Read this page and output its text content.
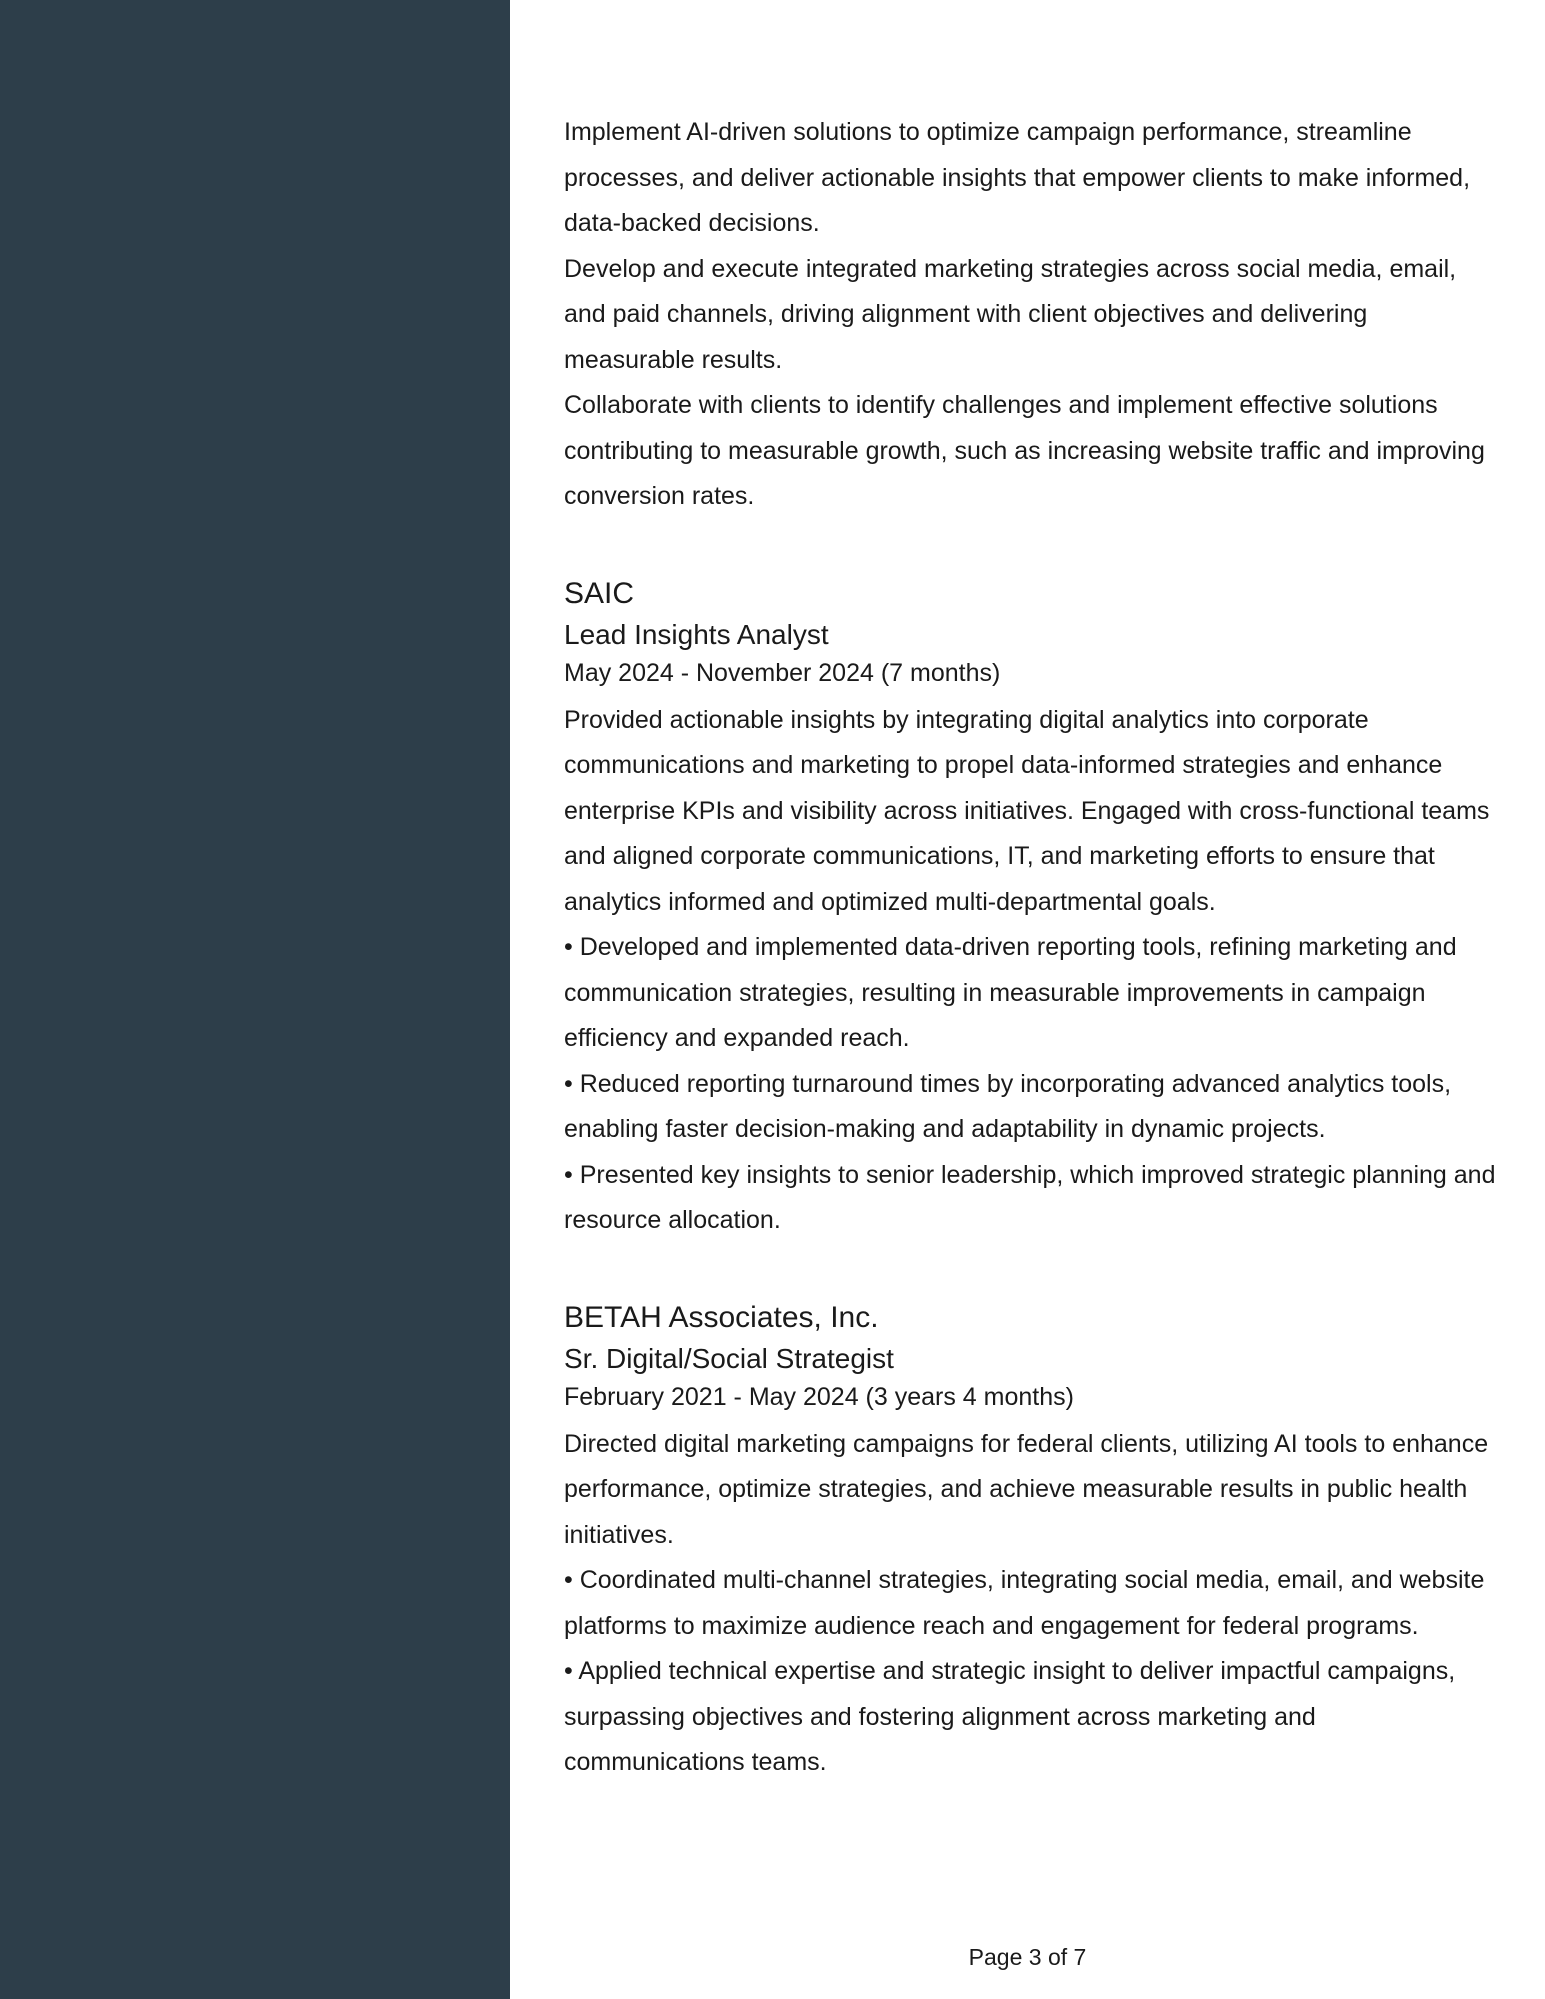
Implement AI-driven solutions to optimize campaign performance, streamline processes, and deliver actionable insights that empower clients to make informed, data-backed decisions.

Develop and execute integrated marketing strategies across social media, email, and paid channels, driving alignment with client objectives and delivering measurable results.

Collaborate with clients to identify challenges and implement effective solutions contributing to measurable growth, such as increasing website traffic and improving conversion rates.

SAIC
Lead Insights Analyst
May 2024 - November 2024 (7 months)

Provided actionable insights by integrating digital analytics into corporate communications and marketing to propel data-informed strategies and enhance enterprise KPIs and visibility across initiatives. Engaged with cross-functional teams and aligned corporate communications, IT, and marketing efforts to ensure that analytics informed and optimized multi-departmental goals.

• Developed and implemented data-driven reporting tools, refining marketing and communication strategies, resulting in measurable improvements in campaign efficiency and expanded reach.

• Reduced reporting turnaround times by incorporating advanced analytics tools, enabling faster decision-making and adaptability in dynamic projects.

• Presented key insights to senior leadership, which improved strategic planning and resource allocation.

BETAH Associates, Inc.
Sr. Digital/Social Strategist
February 2021 - May 2024 (3 years 4 months)

Directed digital marketing campaigns for federal clients, utilizing AI tools to enhance performance, optimize strategies, and achieve measurable results in public health initiatives.

• Coordinated multi-channel strategies, integrating social media, email, and website platforms to maximize audience reach and engagement for federal programs.

• Applied technical expertise and strategic insight to deliver impactful campaigns, surpassing objectives and fostering alignment across marketing and communications teams.

Page 3 of 7
